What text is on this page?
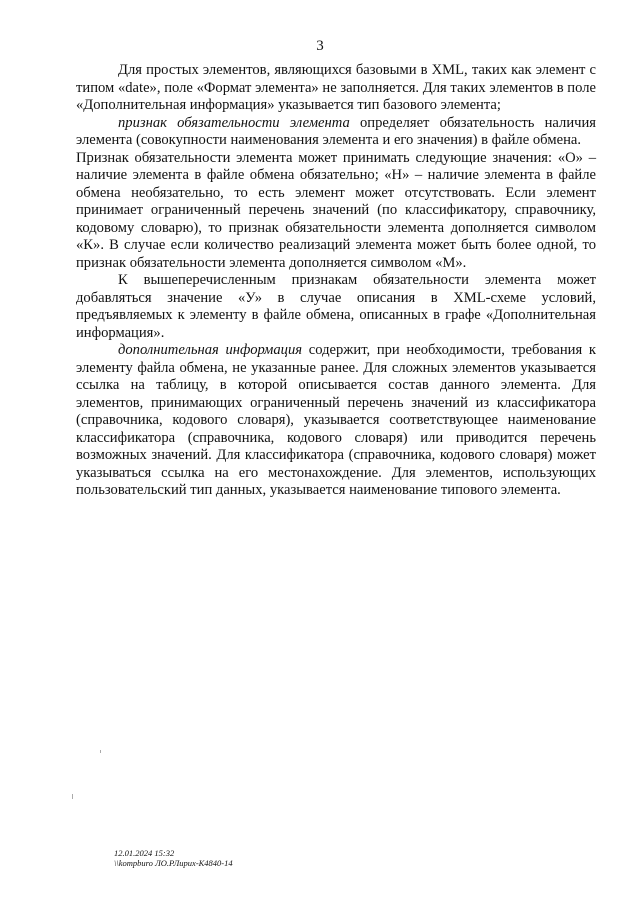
3

Для простых элементов, являющихся базовыми в XML, таких как элемент с типом «date», поле «Формат элемента» не заполняется. Для таких элементов в поле «Дополнительная информация» указывается тип базового элемента;

признак обязательности элемента определяет обязательность наличия элемента (совокупности наименования элемента и его значения) в файле обмена.

Признак обязательности элемента может принимать следующие значения: «О» – наличие элемента в файле обмена обязательно; «Н» – наличие элемента в файле обмена необязательно, то есть элемент может отсутствовать. Если элемент принимает ограниченный перечень значений (по классификатору, справочнику, кодовому словарю), то признак обязательности элемента дополняется символом «К». В случае если количество реализаций элемента может быть более одной, то признак обязательности элемента дополняется символом «М».

К вышеперечисленным признакам обязательности элемента может добавляться значение «У» в случае описания в XML-схеме условий, предъявляемых к элементу в файле обмена, описанных в графе «Дополнительная информация».

дополнительная информация содержит, при необходимости, требования к элементу файла обмена, не указанные ранее. Для сложных элементов указывается ссылка на таблицу, в которой описывается состав данного элемента. Для элементов, принимающих ограниченный перечень значений из классификатора (справочника, кодового словаря), указывается соответствующее наименование классификатора (справочника, кодового словаря) или приводится перечень возможных значений. Для классификатора (справочника, кодового словаря) может указываться ссылка на его местонахождение. Для элементов, использующих пользовательский тип данных, указывается наименование типового элемента.

12.01.2024 15:32
\\kompburo ЛО.РЛирих-К4840-14
